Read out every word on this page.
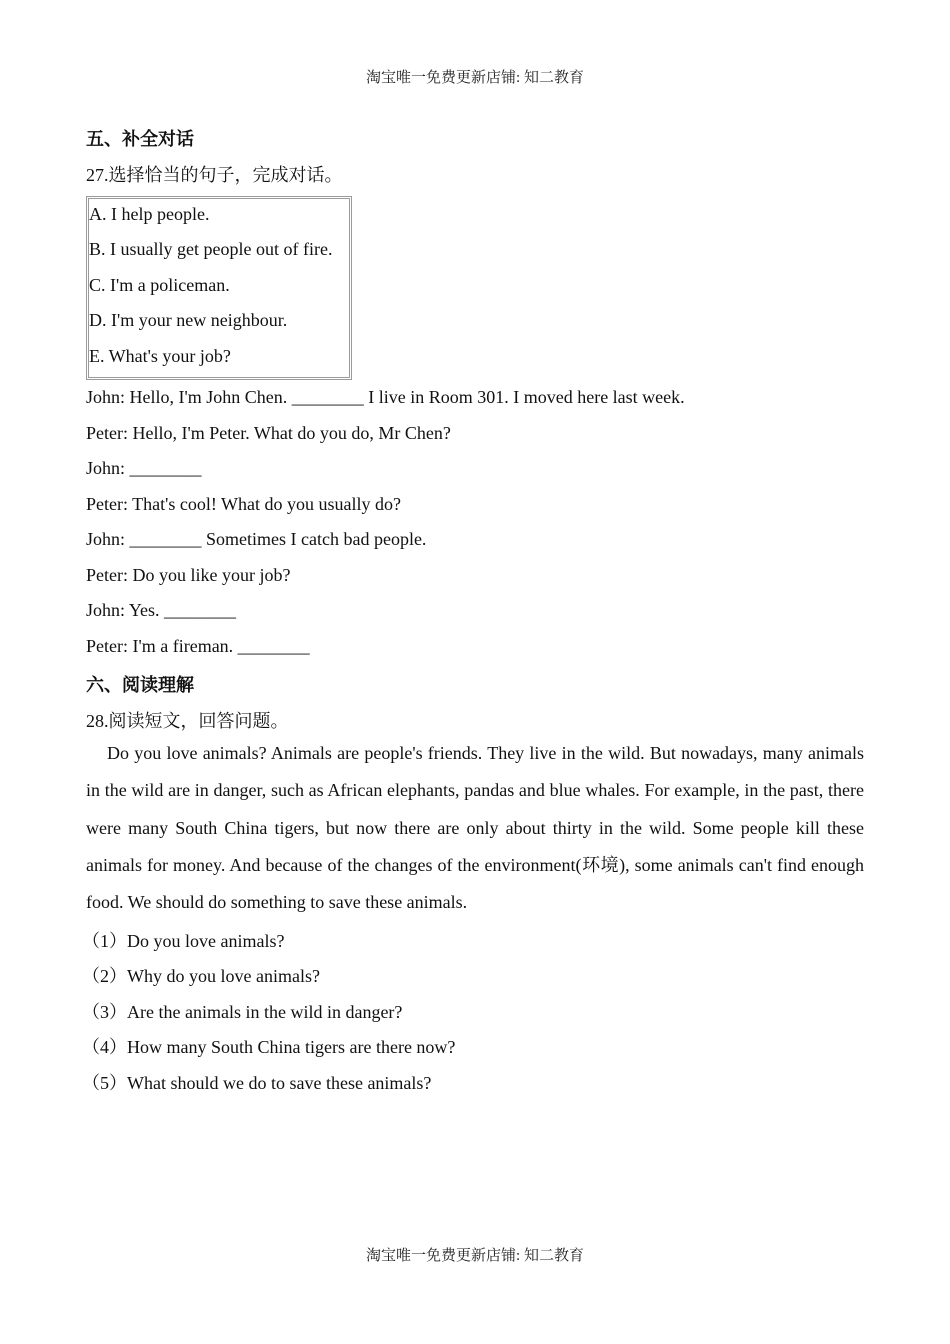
淘宝唯一免费更新店铺: 知二教育
五、补全对话
27.选择恰当的句子，完成对话。
A. I help people.
B. I usually get people out of fire.
C. I'm a policeman.
D. I'm your new neighbour.
E. What's your job?
John: Hello, I'm John Chen. ________ I live in Room 301. I moved here last week.
Peter: Hello, I'm Peter. What do you do, Mr Chen?
John: ________
Peter: That's cool! What do you usually do?
John: ________ Sometimes I catch bad people.
Peter: Do you like your job?
John: Yes. ________
Peter: I'm a fireman. ________
六、阅读理解
28.阅读短文，回答问题。
Do you love animals? Animals are people's friends. They live in the wild. But nowadays, many animals in the wild are in danger, such as African elephants, pandas and blue whales. For example, in the past, there were many South China tigers, but now there are only about thirty in the wild. Some people kill these animals for money. And because of the changes of the environment(环境), some animals can't find enough food. We should do something to save these animals.
（1）Do you love animals?
（2）Why do you love animals?
（3）Are the animals in the wild in danger?
（4）How many South China tigers are there now?
（5）What should we do to save these animals?
淘宝唯一免费更新店铺: 知二教育
